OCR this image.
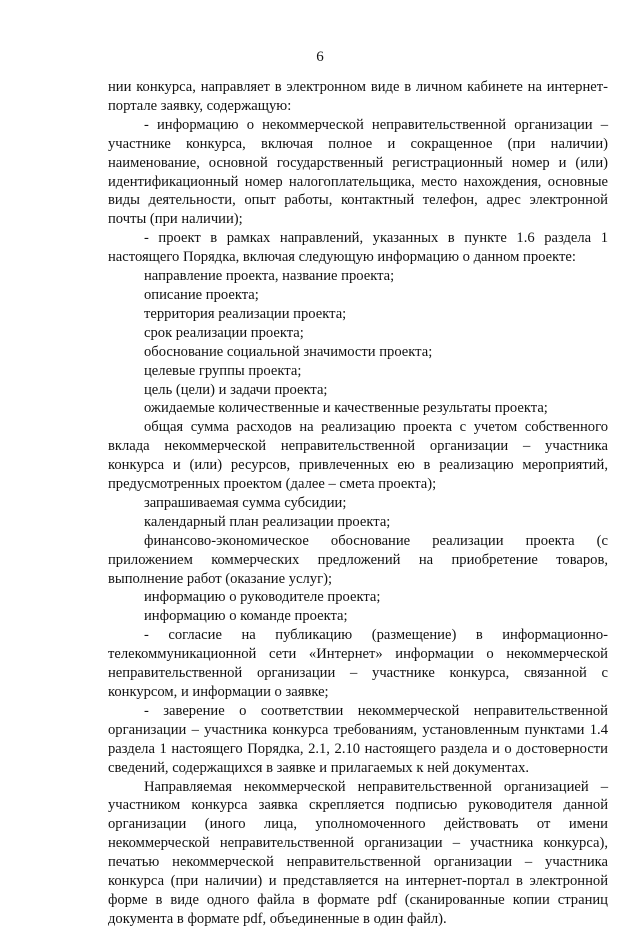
6

нии конкурса, направляет в электронном виде в личном кабинете на интернет-портале заявку, содержащую:

- информацию о некоммерческой неправительственной организации – участнике конкурса, включая полное и сокращенное (при наличии) наименование, основной государственный регистрационный номер и (или) идентификационный номер налогоплательщика, место нахождения, основные виды деятельности, опыт работы, контактный телефон, адрес электронной почты (при наличии);

- проект в рамках направлений, указанных в пункте 1.6 раздела 1 настоящего Порядка, включая следующую информацию о данном проекте:

направление проекта, название проекта;

описание проекта;

территория реализации проекта;

срок реализации проекта;

обоснование социальной значимости проекта;

целевые группы проекта;

цель (цели) и задачи проекта;

ожидаемые количественные и качественные результаты проекта;

общая сумма расходов на реализацию проекта с учетом собственного вклада некоммерческой неправительственной организации – участника конкурса и (или) ресурсов, привлеченных ею в реализацию мероприятий, предусмотренных проектом (далее – смета проекта);

запрашиваемая сумма субсидии;

календарный план реализации проекта;

финансово-экономическое обоснование реализации проекта (с приложением коммерческих предложений на приобретение товаров, выполнение работ (оказание услуг);

информацию о руководителе проекта;

информацию о команде проекта;

- согласие на публикацию (размещение) в информационно-телекоммуникационной сети «Интернет» информации о некоммерческой неправительственной организации – участнике конкурса, связанной с конкурсом, и информации о заявке;

- заверение о соответствии некоммерческой неправительственной организации – участника конкурса требованиям, установленным пунктами 1.4 раздела 1 настоящего Порядка, 2.1, 2.10 настоящего раздела и о достоверности сведений, содержащихся в заявке и прилагаемых к ней документах.

Направляемая некоммерческой неправительственной организацией – участником конкурса заявка скрепляется подписью руководителя данной организации (иного лица, уполномоченного действовать от имени некоммерческой неправительственной организации – участника конкурса), печатью некоммерческой неправительственной организации – участника конкурса (при наличии) и представляется на интернет-портал в электронной форме в виде одного файла в формате pdf (сканированные копии страниц документа в формате pdf, объединенные в один файл).
